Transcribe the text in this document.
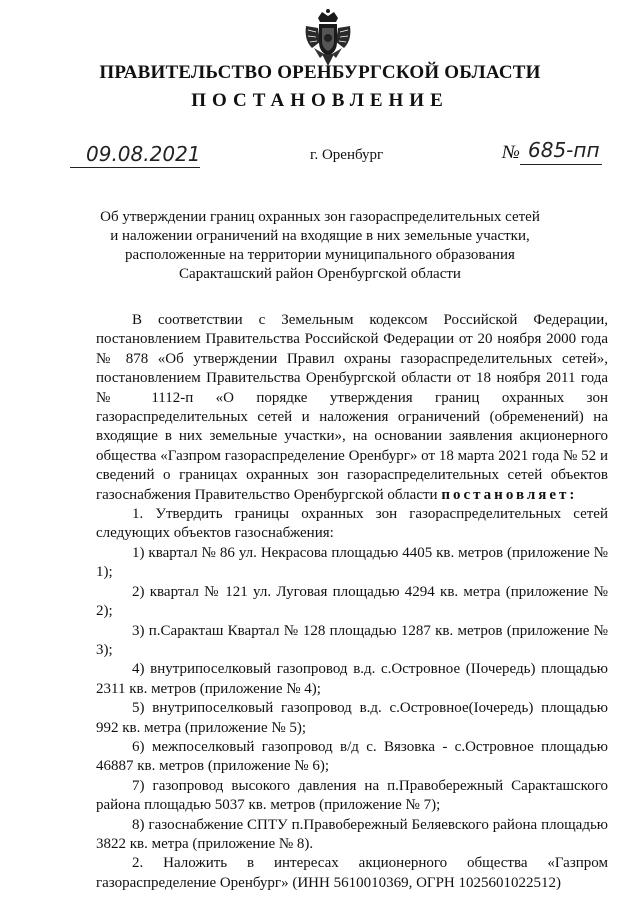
ПРАВИТЕЛЬСТВО ОРЕНБУРГСКОЙ ОБЛАСТИ
ПОСТАНОВЛЕНИЕ
09.08.2021	г. Оренбург	№ 685-пп
Об утверждении границ охранных зон газораспределительных сетей
и наложении ограничений на входящие в них земельные участки,
расположенные на территории муниципального образования
Саракташский район Оренбургской области
В соответствии с Земельным кодексом Российской Федерации, постановлением Правительства Российской Федерации от 20 ноября 2000 года № 878 «Об утверждении Правил охраны газораспределительных сетей», постановлением Правительства Оренбургской области от 18 ноября 2011 года № 1112-п «О порядке утверждения границ охранных зон газораспределительных сетей и наложения ограничений (обременений) на входящие в них земельные участки», на основании заявления акционерного общества «Газпром газораспределение Оренбург» от 18 марта 2021 года № 52 и сведений о границах охранных зон газораспределительных сетей объектов газоснабжения Правительство Оренбургской области постановляет:
1. Утвердить границы охранных зон газораспределительных сетей следующих объектов газоснабжения:
1) квартал № 86 ул. Некрасова площадью 4405 кв. метров (приложение № 1);
2) квартал № 121 ул. Луговая площадью 4294 кв. метра (приложение № 2);
3) п.Саракташ Квартал № 128 площадью 1287 кв. метров (приложение № 3);
4) внутрипоселковый газопровод в.д. с.Островное (IIочередь) площадью 2311 кв. метров (приложение № 4);
5) внутрипоселковый газопровод в.д. с.Островное(Iочередь) площадью 992 кв. метра (приложение № 5);
6) межпоселковый газопровод в/д с. Вязовка - с.Островное площадью 46887 кв. метров (приложение № 6);
7) газопровод высокого давления на п.Правобережный Саракташского района площадью 5037 кв. метров (приложение № 7);
8) газоснабжение СПТУ п.Правобережный Беляевского района площадью 3822 кв. метра (приложение № 8).
2. Наложить в интересах акционерного общества «Газпром газораспределение Оренбург» (ИНН 5610010369, ОГРН 1025601022512)
